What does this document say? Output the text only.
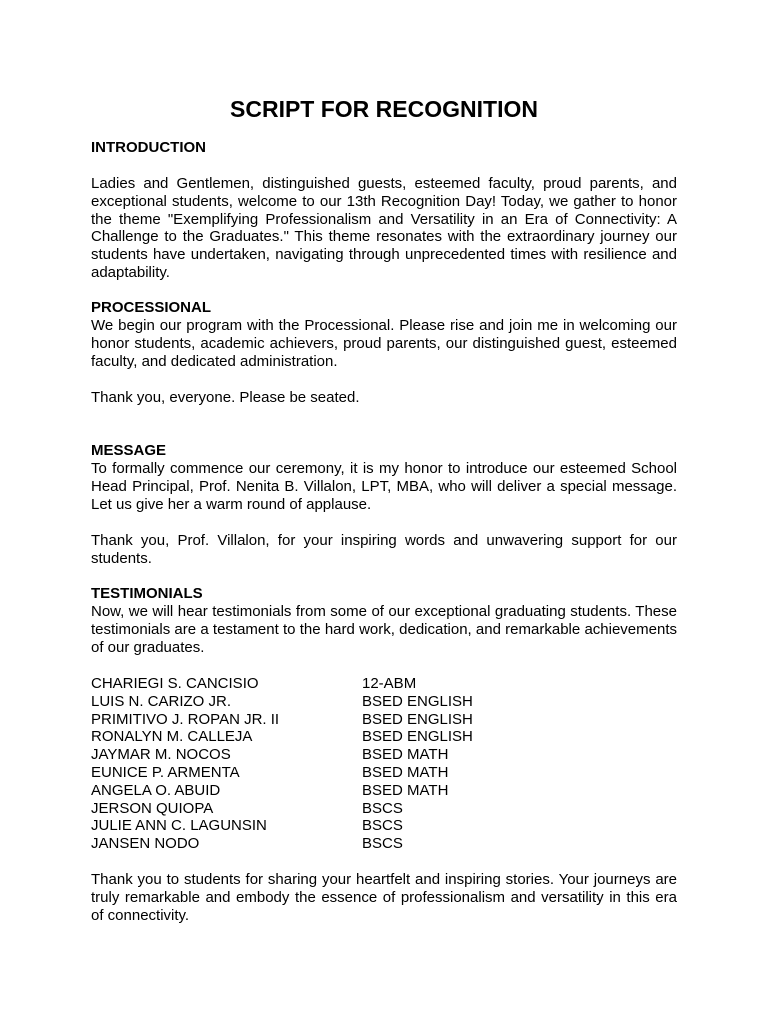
SCRIPT FOR RECOGNITION

INTRODUCTION

Ladies and Gentlemen, distinguished guests, esteemed faculty, proud parents, and exceptional students, welcome to our 13th Recognition Day! Today, we gather to honor the theme "Exemplifying Professionalism and Versatility in an Era of Connectivity: A Challenge to the Graduates." This theme resonates with the extraordinary journey our students have undertaken, navigating through unprecedented times with resilience and adaptability.

PROCESSIONAL

We begin our program with the Processional. Please rise and join me in welcoming our honor students, academic achievers, proud parents, our distinguished guest, esteemed faculty, and dedicated administration.

Thank you, everyone. Please be seated.

MESSAGE

To formally commence our ceremony, it is my honor to introduce our esteemed School Head Principal, Prof. Nenita B. Villalon, LPT, MBA, who will deliver a special message. Let us give her a warm round of applause.

Thank you, Prof. Villalon, for your inspiring words and unwavering support for our students.

TESTIMONIALS

Now, we will hear testimonials from some of our exceptional graduating students. These testimonials are a testament to the hard work, dedication, and remarkable achievements of our graduates.

CHARIEGI S. CANCISIO	12-ABM
LUIS N. CARIZO JR.	BSED ENGLISH
PRIMITIVO J. ROPAN JR. II	BSED ENGLISH
RONALYN M. CALLEJA	BSED ENGLISH
JAYMAR M. NOCOS	BSED MATH
EUNICE P. ARMENTA	BSED MATH
ANGELA O. ABUID	BSED MATH
JERSON QUIOPA	BSCS
JULIE ANN C. LAGUNSIN	BSCS
JANSEN NODO	BSCS

Thank you to students for sharing your heartfelt and inspiring stories. Your journeys are truly remarkable and embody the essence of professionalism and versatility in this era of connectivity.
